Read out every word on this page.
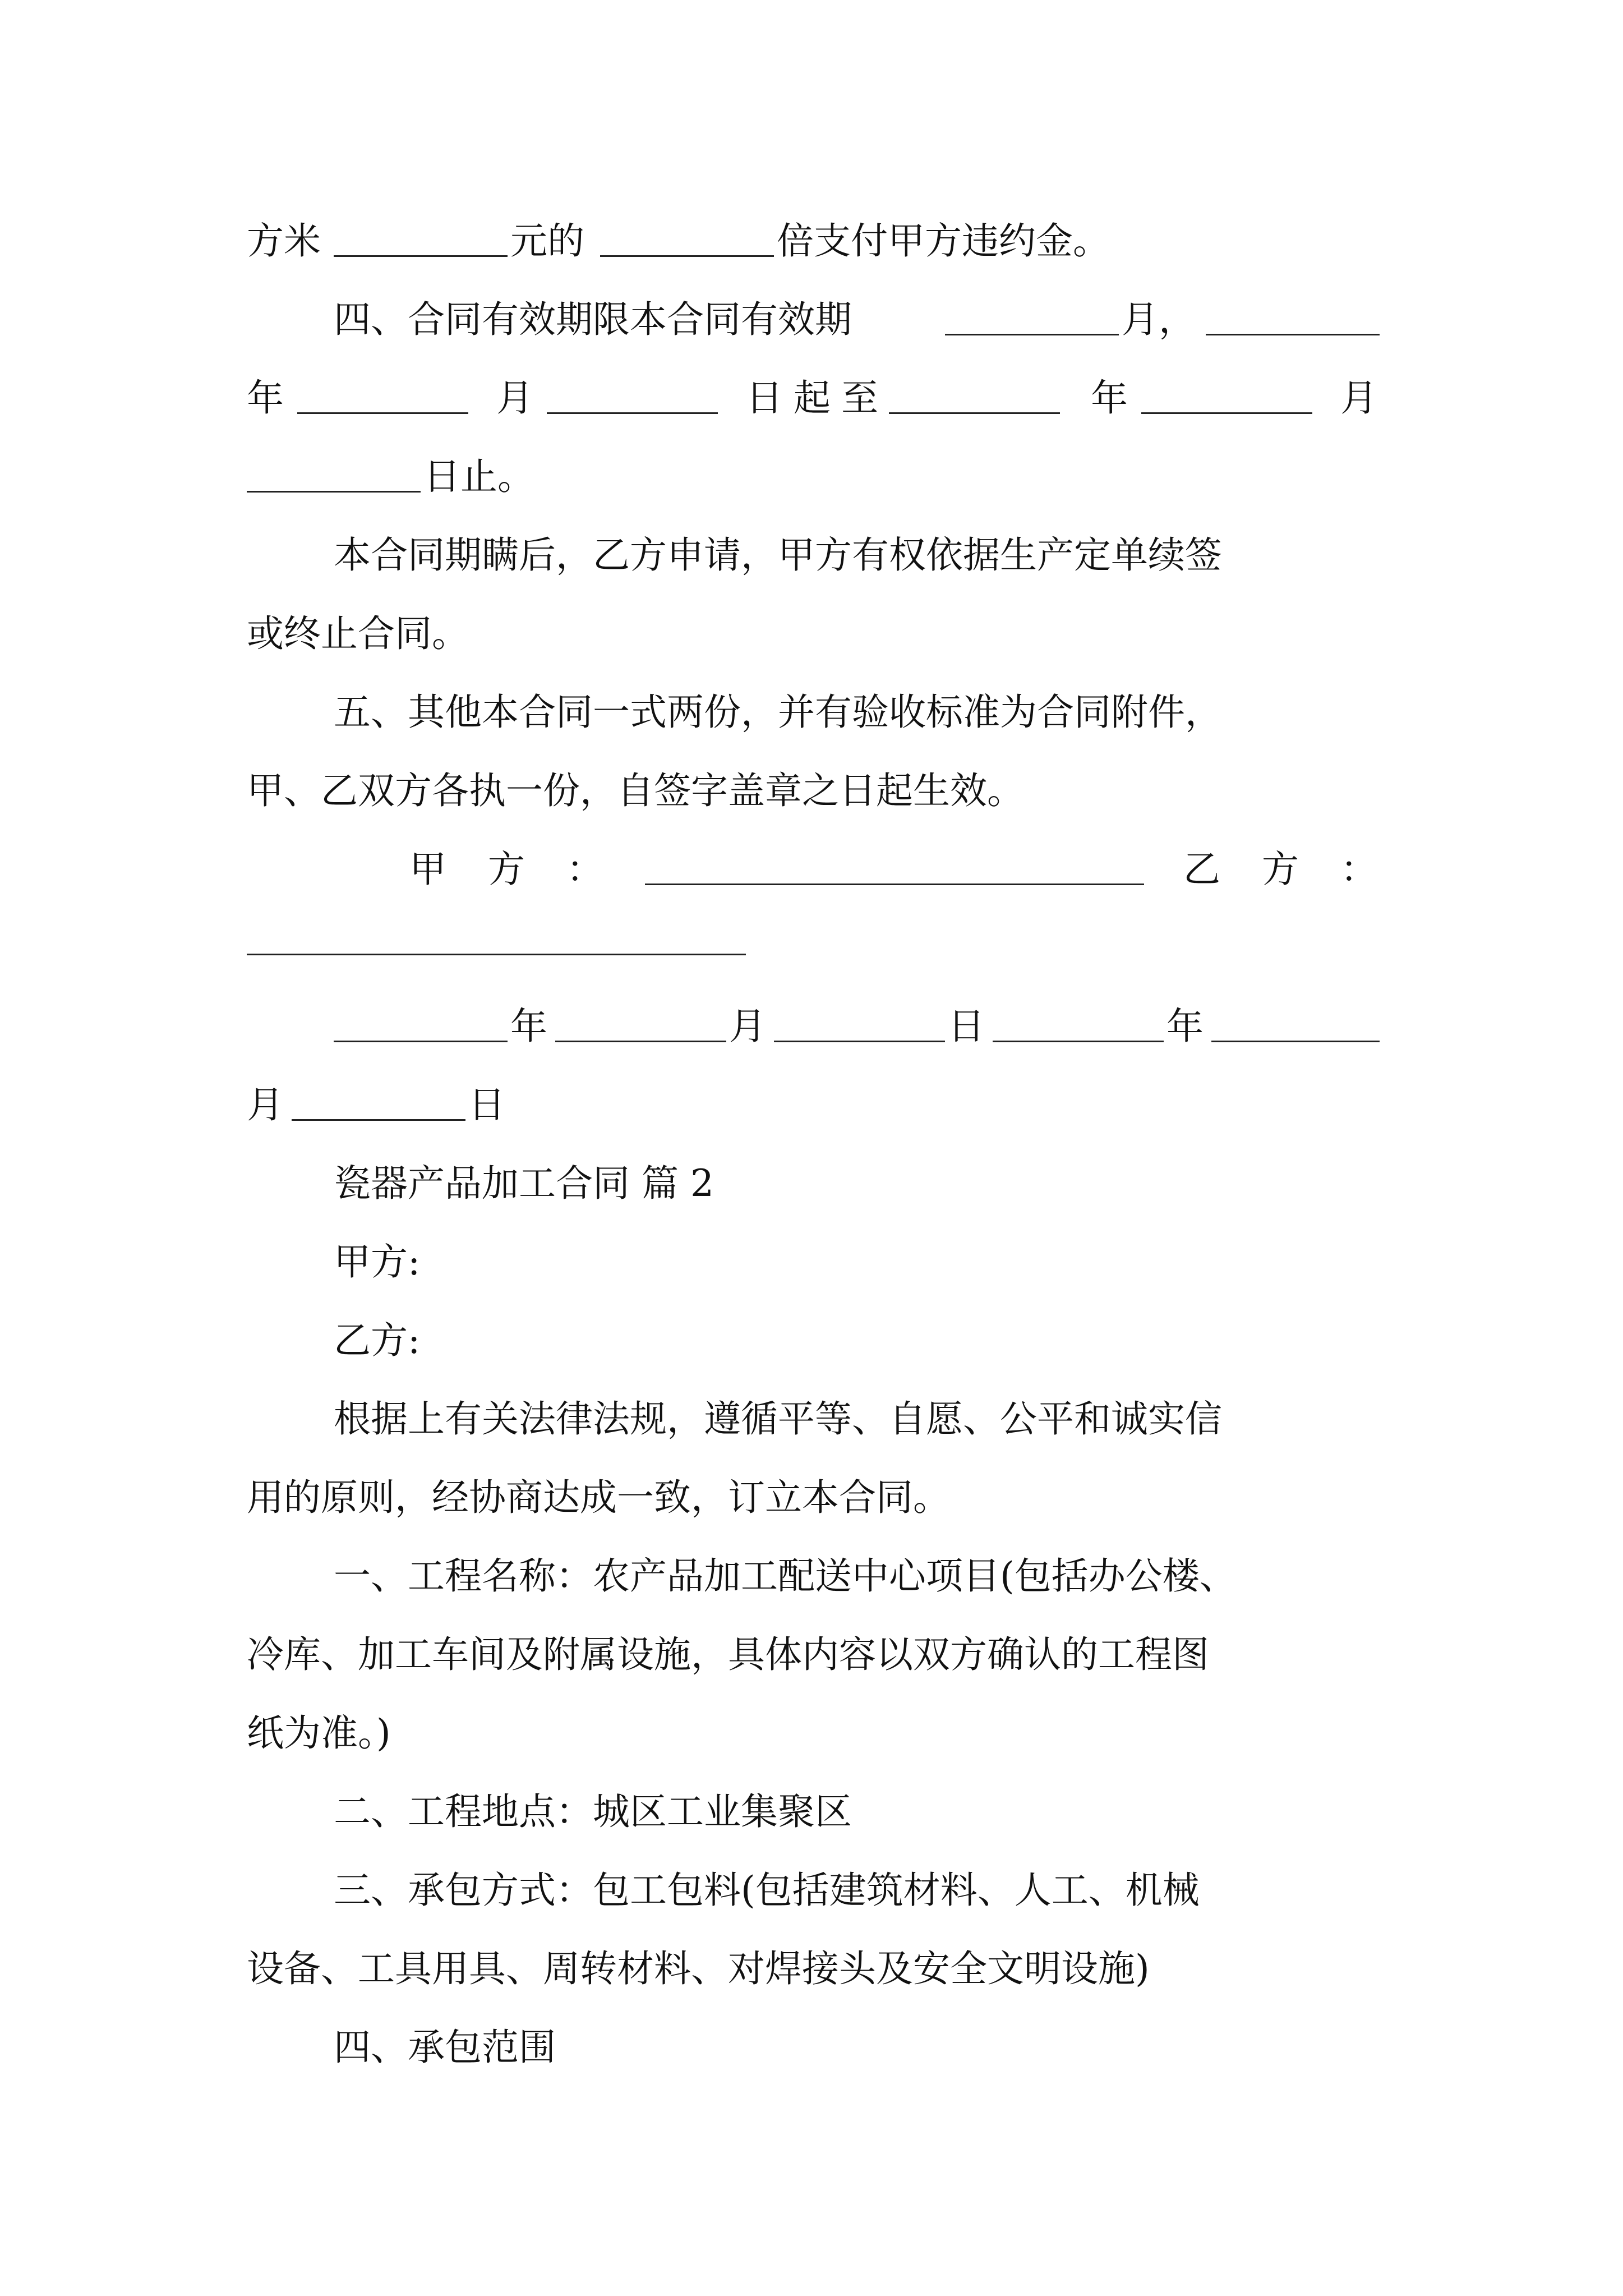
方米	元的	倍支付甲方违约金。
四、合同有效期限本合同有效期	月，
年	月	日 起 至	年	月
日止。
本合同期瞒后，乙方申请，甲方有权依据生产定单续签
或终止合同。
五、其他本合同一式两份，并有验收标准为合同附件，
甲、乙双方各执一份，自签字盖章之日起生效。
甲 方 ：	乙 方 ：
年	月	日	年
月	日
瓷器产品加工合同 篇 2
甲方:
乙方:
根据上有关法律法规，遵循平等、自愿、公平和诚实信
用的原则，经协商达成一致，订立本合同。
一、工程名称：农产品加工配送中心项目(包括办公楼、
冷库、加工车间及附属设施，具体内容以双方确认的工程图
纸为准。)
二、工程地点：城区工业集聚区
三、承包方式：包工包料(包括建筑材料、人工、机械
设备、工具用具、周转材料、对焊接头及安全文明设施)
四、承包范围
